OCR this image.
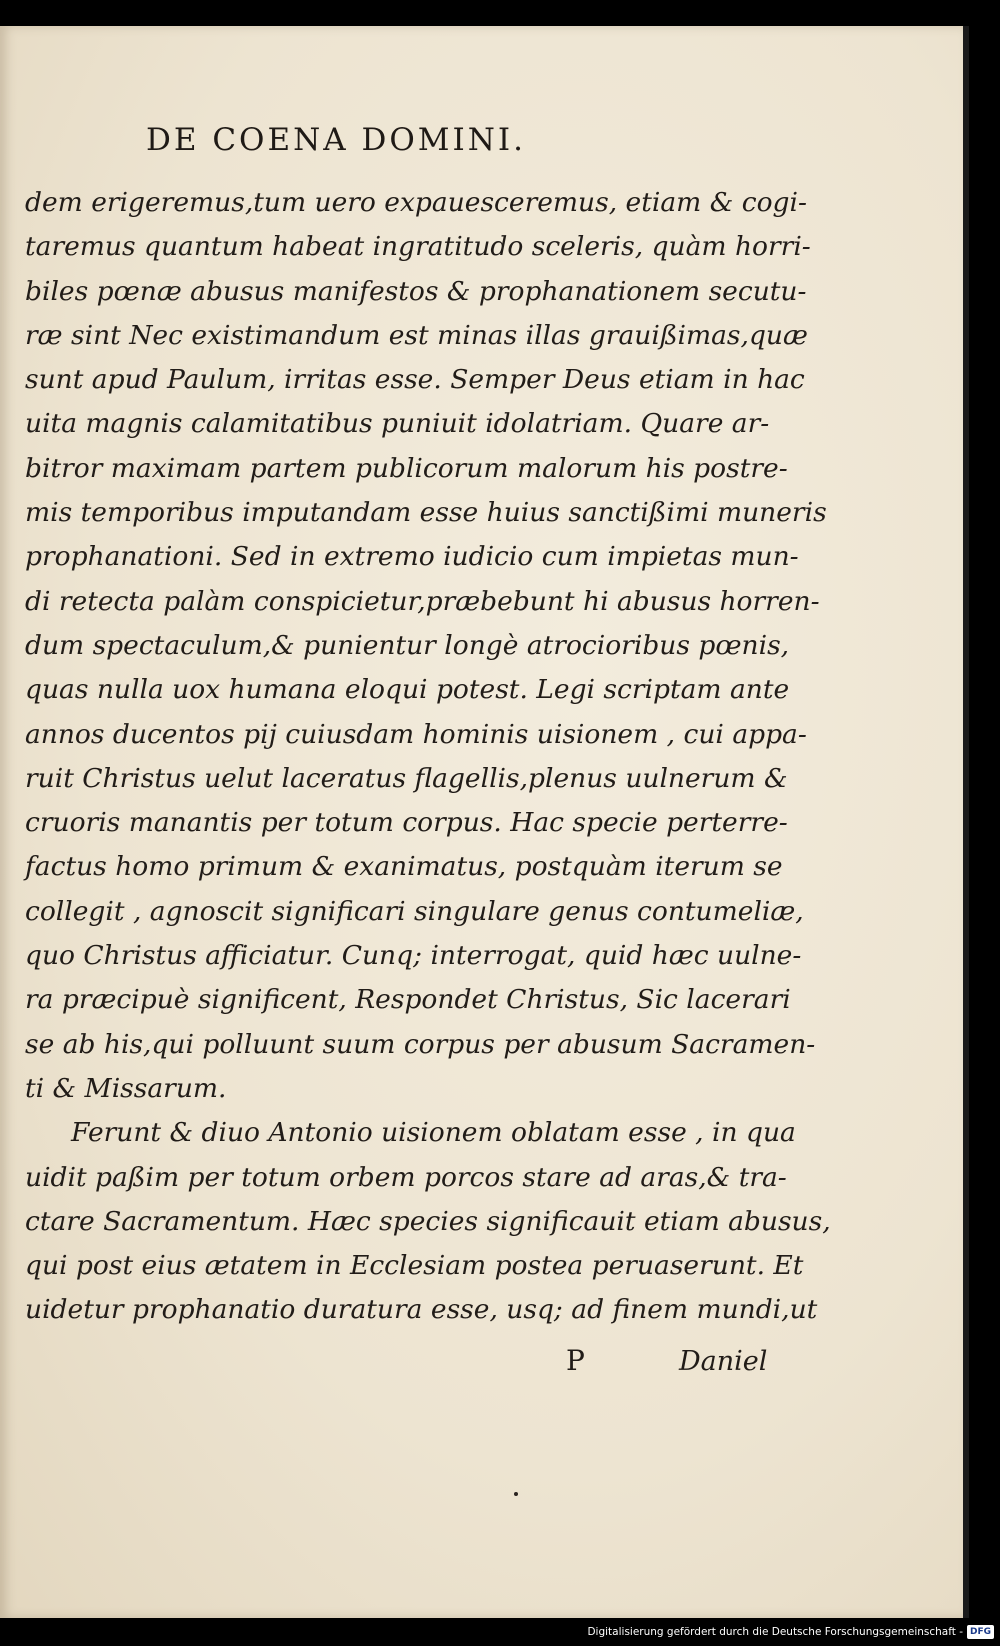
DE COENA DOMINI.
dem erigeremus,tum uero expauesceremus, etiam & cogi-
taremus quantum habeat ingratitudo sceleris, quàm horri-
biles pœnæ abusus manifestos & prophanationem secutu-
ræ sint Nec existimandum est minas illas grauißimas,quæ
sunt apud Paulum, irritas esse. Semper Deus etiam in hac
uita magnis calamitatibus puniuit idolatriam. Quare ar-
bitror maximam partem publicorum malorum his postre-
mis temporibus imputandam esse huius sanctißimi muneris
prophanationi. Sed in extremo iudicio cum impietas mun-
di retecta palàm conspicietur,præbebunt hi abusus horren-
dum spectaculum,& punientur longè atrocioribus pœnis,
quas nulla uox humana eloqui potest. Legi scriptam ante
annos ducentos pij cuiusdam hominis uisionem , cui appa-
ruit Christus uelut laceratus flagellis,plenus uulnerum &
cruoris manantis per totum corpus. Hac specie perterre-
factus homo primum & exanimatus, postquàm iterum se
collegit , agnoscit significari singulare genus contumeliæ,
quo Christus afficiatur. Cunq; interrogat, quid hæc uulne-
ra præcipuè significent, Respondet Christus, Sic lacerari
se ab his,qui polluunt suum corpus per abusum Sacramen-
ti & Missarum.
Ferunt & diuo Antonio uisionem oblatam esse , in qua
uidit paßim per totum orbem porcos stare ad aras,& tra-
ctare Sacramentum. Hæc species significauit etiam abusus,
qui post eius ætatem in Ecclesiam postea peruaserunt. Et
uidetur prophanatio duratura esse, usq; ad finem mundi,ut
P	Daniel
Digitalisierung gefördert durch die Deutsche Forschungsgemeinschaft - DFG
